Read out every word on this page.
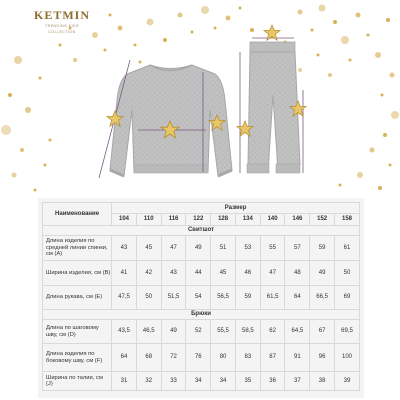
KETMIN
TRENDING KIDS
COLLECTION
Наименование	Размер									
	104	110	116	122	128	134	140	146	152	158
Свитшот										
Длина изделия по средней линии спинки, см (А)	43	45	47	49	51	53	55	57	59	61
Ширина изделия, см (В)	41	42	43	44	45	46	47	48	49	50
Длина рукава, см (Е)	47,5	50	51,5	54	56,5	59	61,5	64	66,5	69
Брюки										
Длина по шаговому шву, см (D)	43,5	46,5	49	52	55,5	58,5	62	64,5	67	69,5
Длина изделия по боковому шву, см (F)	64	68	72	76	80	83	87	91	96	100
Ширина по талии, см (J)	31	32	33	34	34	35	36	37	38	39
